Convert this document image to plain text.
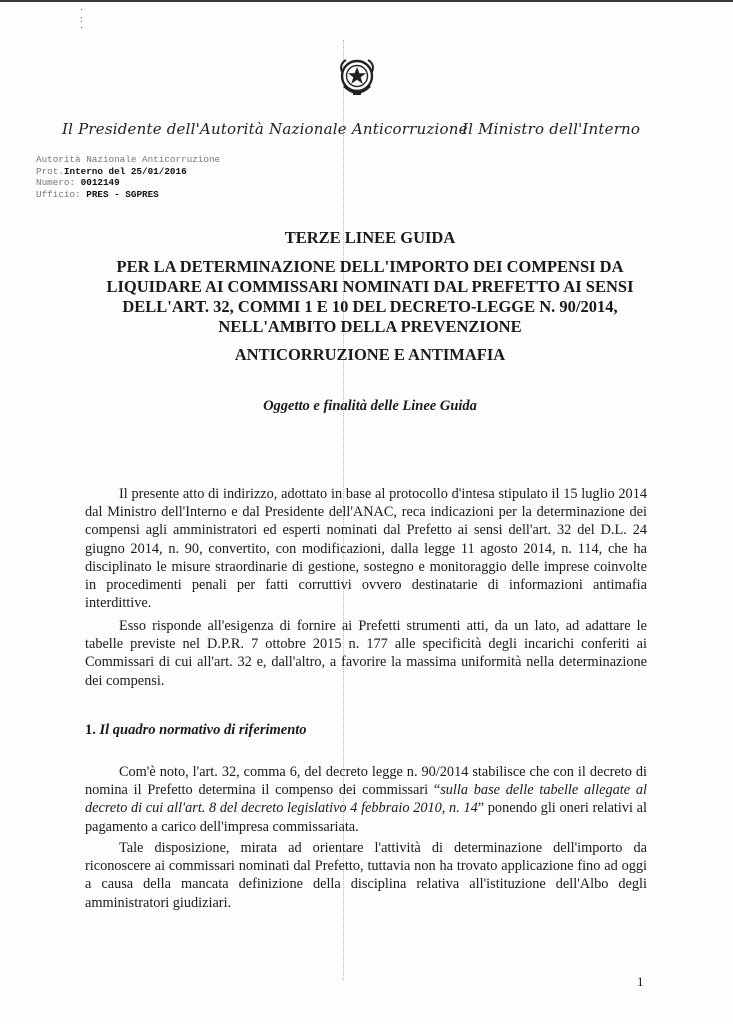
·
:
·
Il Presidente dell'Autorità Nazionale Anticorruzione
Il Ministro dell'Interno
Autorità Nazionale Anticorruzione
Prot.Interno del 25/01/2016
Numero: 0012149
Ufficio: PRES - SGPRES
TERZE LINEE GUIDA
PER LA DETERMINAZIONE DELL'IMPORTO DEI COMPENSI DA
LIQUIDARE AI COMMISSARI NOMINATI DAL PREFETTO AI SENSI
DELL'ART. 32, COMMI 1 E 10 DEL DECRETO-LEGGE N. 90/2014,
NELL'AMBITO DELLA PREVENZIONE
ANTICORRUZIONE E ANTIMAFIA
Oggetto e finalità delle Linee Guida

Il presente atto di indirizzo, adottato in base al protocollo d'intesa stipulato il 15 luglio 2014 dal Ministro dell'Interno e dal Presidente dell'ANAC, reca indicazioni per la determinazione dei compensi agli amministratori ed esperti nominati dal Prefetto ai sensi dell'art. 32 del D.L. 24 giugno 2014, n. 90, convertito, con modificazioni, dalla legge 11 agosto 2014, n. 114, che ha disciplinato le misure straordinarie di gestione, sostegno e monitoraggio delle imprese coinvolte in procedimenti penali per fatti corruttivi ovvero destinatarie di informazioni antimafia interdittive.

Esso risponde all'esigenza di fornire ai Prefetti strumenti atti, da un lato, ad adattare le tabelle previste nel D.P.R. 7 ottobre 2015 n. 177 alle specificità degli incarichi conferiti ai Commissari di cui all'art. 32 e, dall'altro, a favorire la massima uniformità nella determinazione dei compensi.

1. Il quadro normativo di riferimento

Com'è noto, l'art. 32, comma 6, del decreto legge n. 90/2014 stabilisce che con il decreto di nomina il Prefetto determina il compenso dei commissari “sulla base delle tabelle allegate al decreto di cui all'art. 8 del decreto legislativo 4 febbraio 2010, n. 14” ponendo gli oneri relativi al pagamento a carico dell'impresa commissariata.

Tale disposizione, mirata ad orientare l'attività di determinazione dell'importo da riconoscere ai commissari nominati dal Prefetto, tuttavia non ha trovato applicazione fino ad oggi a causa della mancata definizione della disciplina relativa all'istituzione dell'Albo degli amministratori giudiziari.

1
